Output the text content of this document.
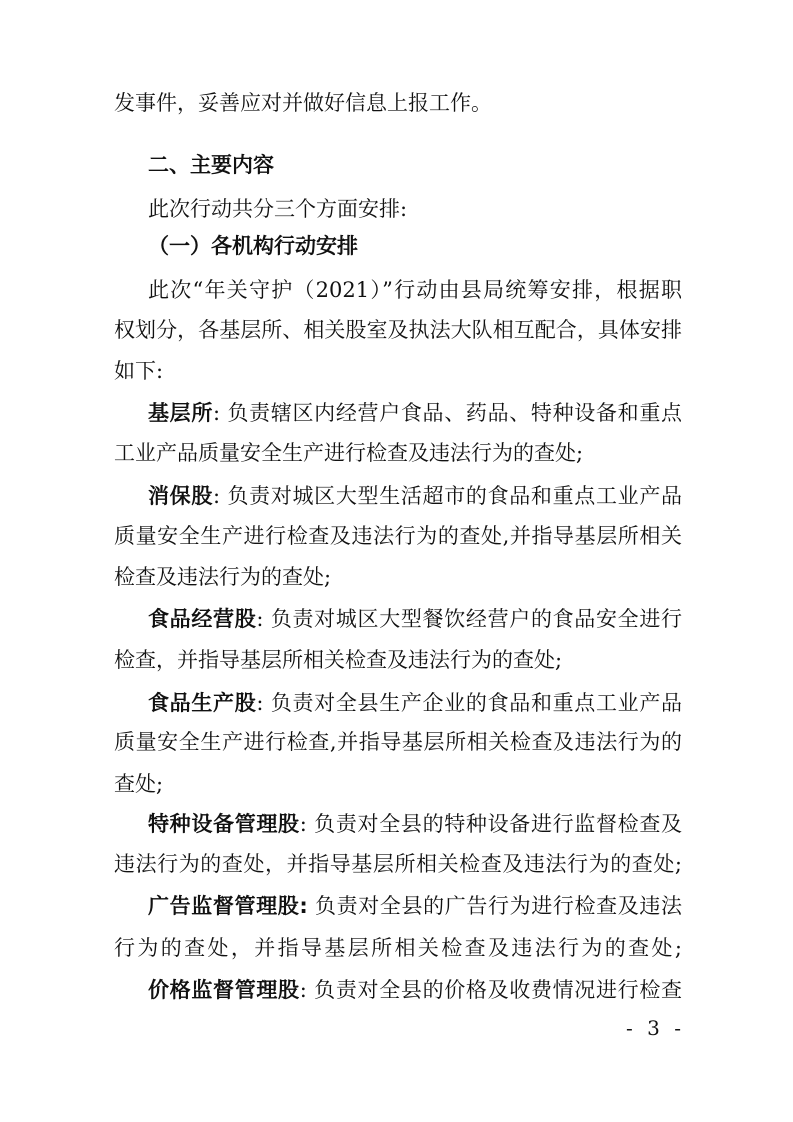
发事件，妥善应对并做好信息上报工作。
二、主要内容
此次行动共分三个方面安排:
（一）各机构行动安排
此次“年关守护（2021）”行动由县局统筹安排，根据职
权划分，各基层所、相关股室及执法大队相互配合，具体安排
如下:
基层所: 负责辖区内经营户食品、药品、特种设备和重点
工业产品质量安全生产进行检查及违法行为的查处;
消保股: 负责对城区大型生活超市的食品和重点工业产品
质量安全生产进行检查及违法行为的查处,并指导基层所相关
检查及违法行为的查处;
食品经营股: 负责对城区大型餐饮经营户的食品安全进行
检查，并指导基层所相关检查及违法行为的查处;
食品生产股: 负责对全县生产企业的食品和重点工业产品
质量安全生产进行检查,并指导基层所相关检查及违法行为的
查处;
特种设备管理股: 负责对全县的特种设备进行监督检查及
违法行为的查处，并指导基层所相关检查及违法行为的查处;
广告监督管理股: 负责对全县的广告行为进行检查及违法
行为的查处，并指导基层所相关检查及违法行为的查处;
价格监督管理股: 负责对全县的价格及收费情况进行检查
- 3 -
